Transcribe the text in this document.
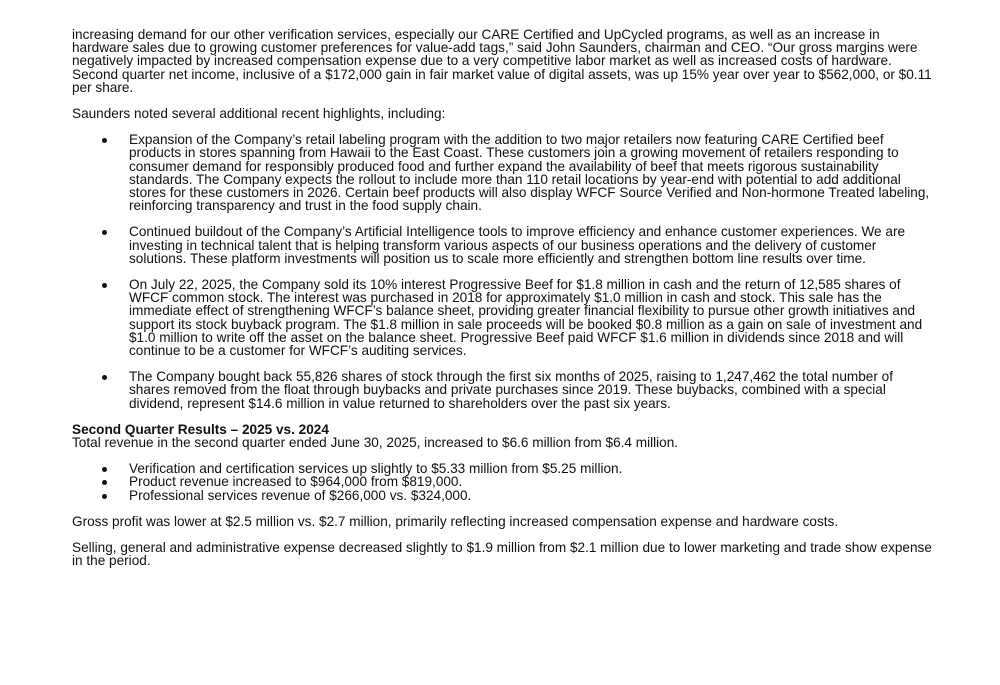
increasing demand for our other verification services, especially our CARE Certified and UpCycled programs, as well as an increase in hardware sales due to growing customer preferences for value-add tags,” said John Saunders, chairman and CEO. “Our gross margins were negatively impacted by increased compensation expense due to a very competitive labor market as well as increased costs of hardware. Second quarter net income, inclusive of a $172,000 gain in fair market value of digital assets, was up 15% year over year to $562,000, or $0.11 per share.

Saunders noted several additional recent highlights, including:

Expansion of the Company’s retail labeling program with the addition to two major retailers now featuring CARE Certified beef products in stores spanning from Hawaii to the East Coast. These customers join a growing movement of retailers responding to consumer demand for responsibly produced food and further expand the availability of beef that meets rigorous sustainability standards. The Company expects the rollout to include more than 110 retail locations by year-end with potential to add additional stores for these customers in 2026. Certain beef products will also display WFCF Source Verified and Non-hormone Treated labeling, reinforcing transparency and trust in the food supply chain.
Continued buildout of the Company’s Artificial Intelligence tools to improve efficiency and enhance customer experiences. We are investing in technical talent that is helping transform various aspects of our business operations and the delivery of customer solutions. These platform investments will position us to scale more efficiently and strengthen bottom line results over time.
On July 22, 2025, the Company sold its 10% interest Progressive Beef for $1.8 million in cash and the return of 12,585 shares of WFCF common stock. The interest was purchased in 2018 for approximately $1.0 million in cash and stock. This sale has the immediate effect of strengthening WFCF’s balance sheet, providing greater financial flexibility to pursue other growth initiatives and support its stock buyback program. The $1.8 million in sale proceeds will be booked $0.8 million as a gain on sale of investment and $1.0 million to write off the asset on the balance sheet. Progressive Beef paid WFCF $1.6 million in dividends since 2018 and will continue to be a customer for WFCF’s auditing services.
The Company bought back 55,826 shares of stock through the first six months of 2025, raising to 1,247,462 the total number of shares removed from the float through buybacks and private purchases since 2019. These buybacks, combined with a special dividend, represent $14.6 million in value returned to shareholders over the past six years.

Second Quarter Results – 2025 vs. 2024

Total revenue in the second quarter ended June 30, 2025, increased to $6.6 million from $6.4 million.

Verification and certification services up slightly to $5.33 million from $5.25 million.
Product revenue increased to $964,000 from $819,000.
Professional services revenue of $266,000 vs. $324,000.

Gross profit was lower at $2.5 million vs. $2.7 million, primarily reflecting increased compensation expense and hardware costs.

Selling, general and administrative expense decreased slightly to $1.9 million from $2.1 million due to lower marketing and trade show expense in the period.
